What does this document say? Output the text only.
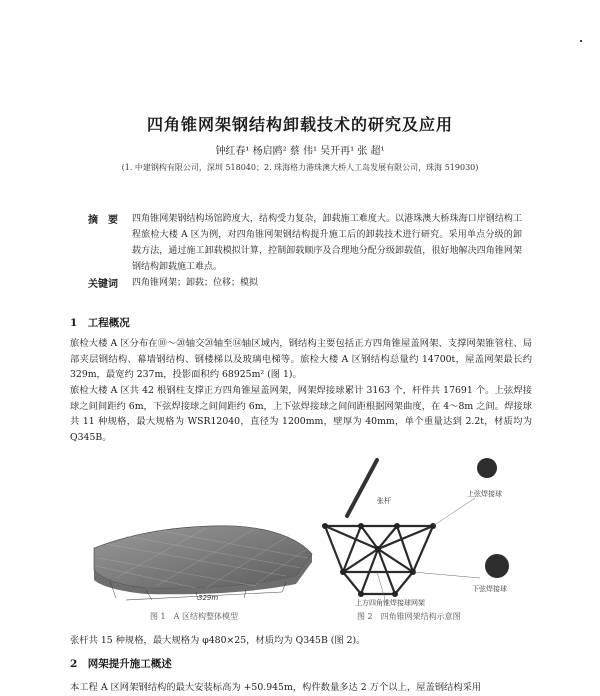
四角锥网架钢结构卸载技术的研究及应用
钟红春¹ 杨启鸥² 蔡 伟¹ 吴开再¹ 张 超¹
(1. 中建钢构有限公司，深圳 518040；2. 珠海格力港珠澳大桥人工岛发展有限公司，珠海 519030)
摘　要 四角锥网架钢结构场馆跨度大，结构受力复杂，卸载施工难度大。以港珠澳大桥珠海口岸钢结构工程旅检大楼 A 区为例，对四角锥网架钢结构提升施工后的卸载技术进行研究。采用单点分级的卸载方法，通过施工卸载模拟计算，控制卸载顺序及合理地分配分级卸载值，很好地解决四角锥网架钢结构卸载施工难点。
关键词 四角锥网架；卸载；位移；模拟
1　工程概况
旅检大楼 A 区分布在⑩～⑳轴交⑳轴至⑭轴区域内，钢结构主要包括正方四角锥屋盖网架、支撑网架锥管柱、局部夹层钢结构、幕墙钢结构、钢楼梯以及玻璃电梯等。旅检大楼 A 区钢结构总量约 14700t，屋盖网架最长约 329m，最宽约 237m，投影面积约 68925m² (图 1)。
旅检大楼 A 区共 42 根钢柱支撑正方四角锥屋盖网架，网架焊接球累计 3163 个，杆件共 17691 个。上弦焊接球之间间距约 6m，下弦焊接球之间间距约 6m，上下弦焊接球之间间距根据网架曲度，在 4～8m 之间。焊接球共 11 种规格，最大规格为 WSR12040，直径为 1200mm，壁厚为 40mm，单个重量达到 2.2t，材质均为 Q345B。
329m
图 1　A 区结构整体模型
张杆
上弦焊接球
下弦焊接球
上方四角锥焊接球网架
图 2　四角锥网架结构示意图
张杆共 15 种规格，最大规格为 φ480×25，材质均为 Q345B (图 2)。
2　网架提升施工概述
本工程 A 区网架钢结构的最大安装标高为 +50.945m，构件数量多达 2 万个以上，屋盖钢结构采用
